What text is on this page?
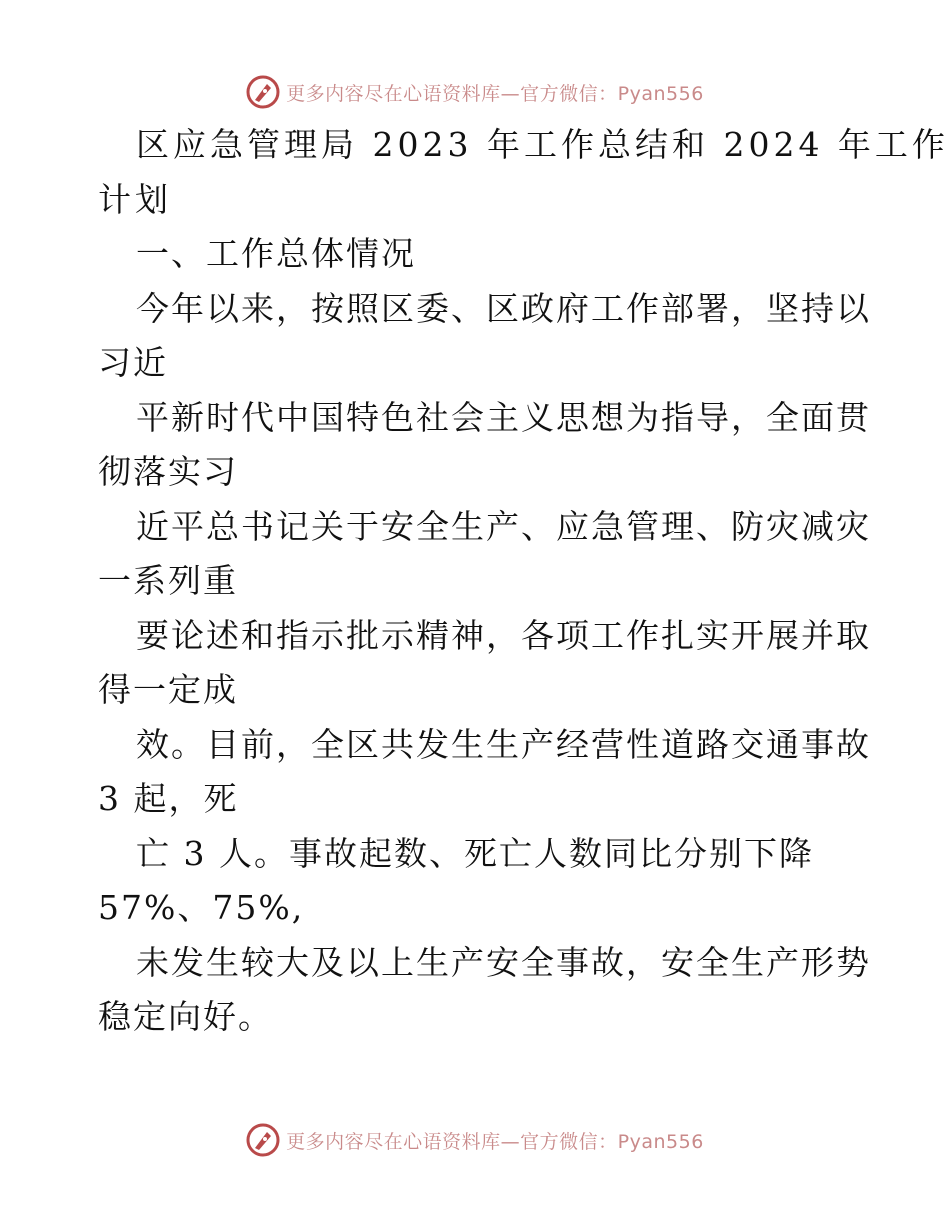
更多内容尽在心语资料库—官方微信：Pyan556
区应急管理局 2023 年工作总结和 2024 年工作
计划
一、工作总体情况
今年以来，按照区委、区政府工作部署，坚持以
习近
平新时代中国特色社会主义思想为指导，全面贯
彻落实习
近平总书记关于安全生产、应急管理、防灾减灾
一系列重
要论述和指示批示精神，各项工作扎实开展并取
得一定成
效。目前，全区共发生生产经营性道路交通事故
3 起，死
亡 3 人。事故起数、死亡人数同比分别下降
57%、75%,
未发生较大及以上生产安全事故，安全生产形势
稳定向好。
更多内容尽在心语资料库—官方微信：Pyan556
